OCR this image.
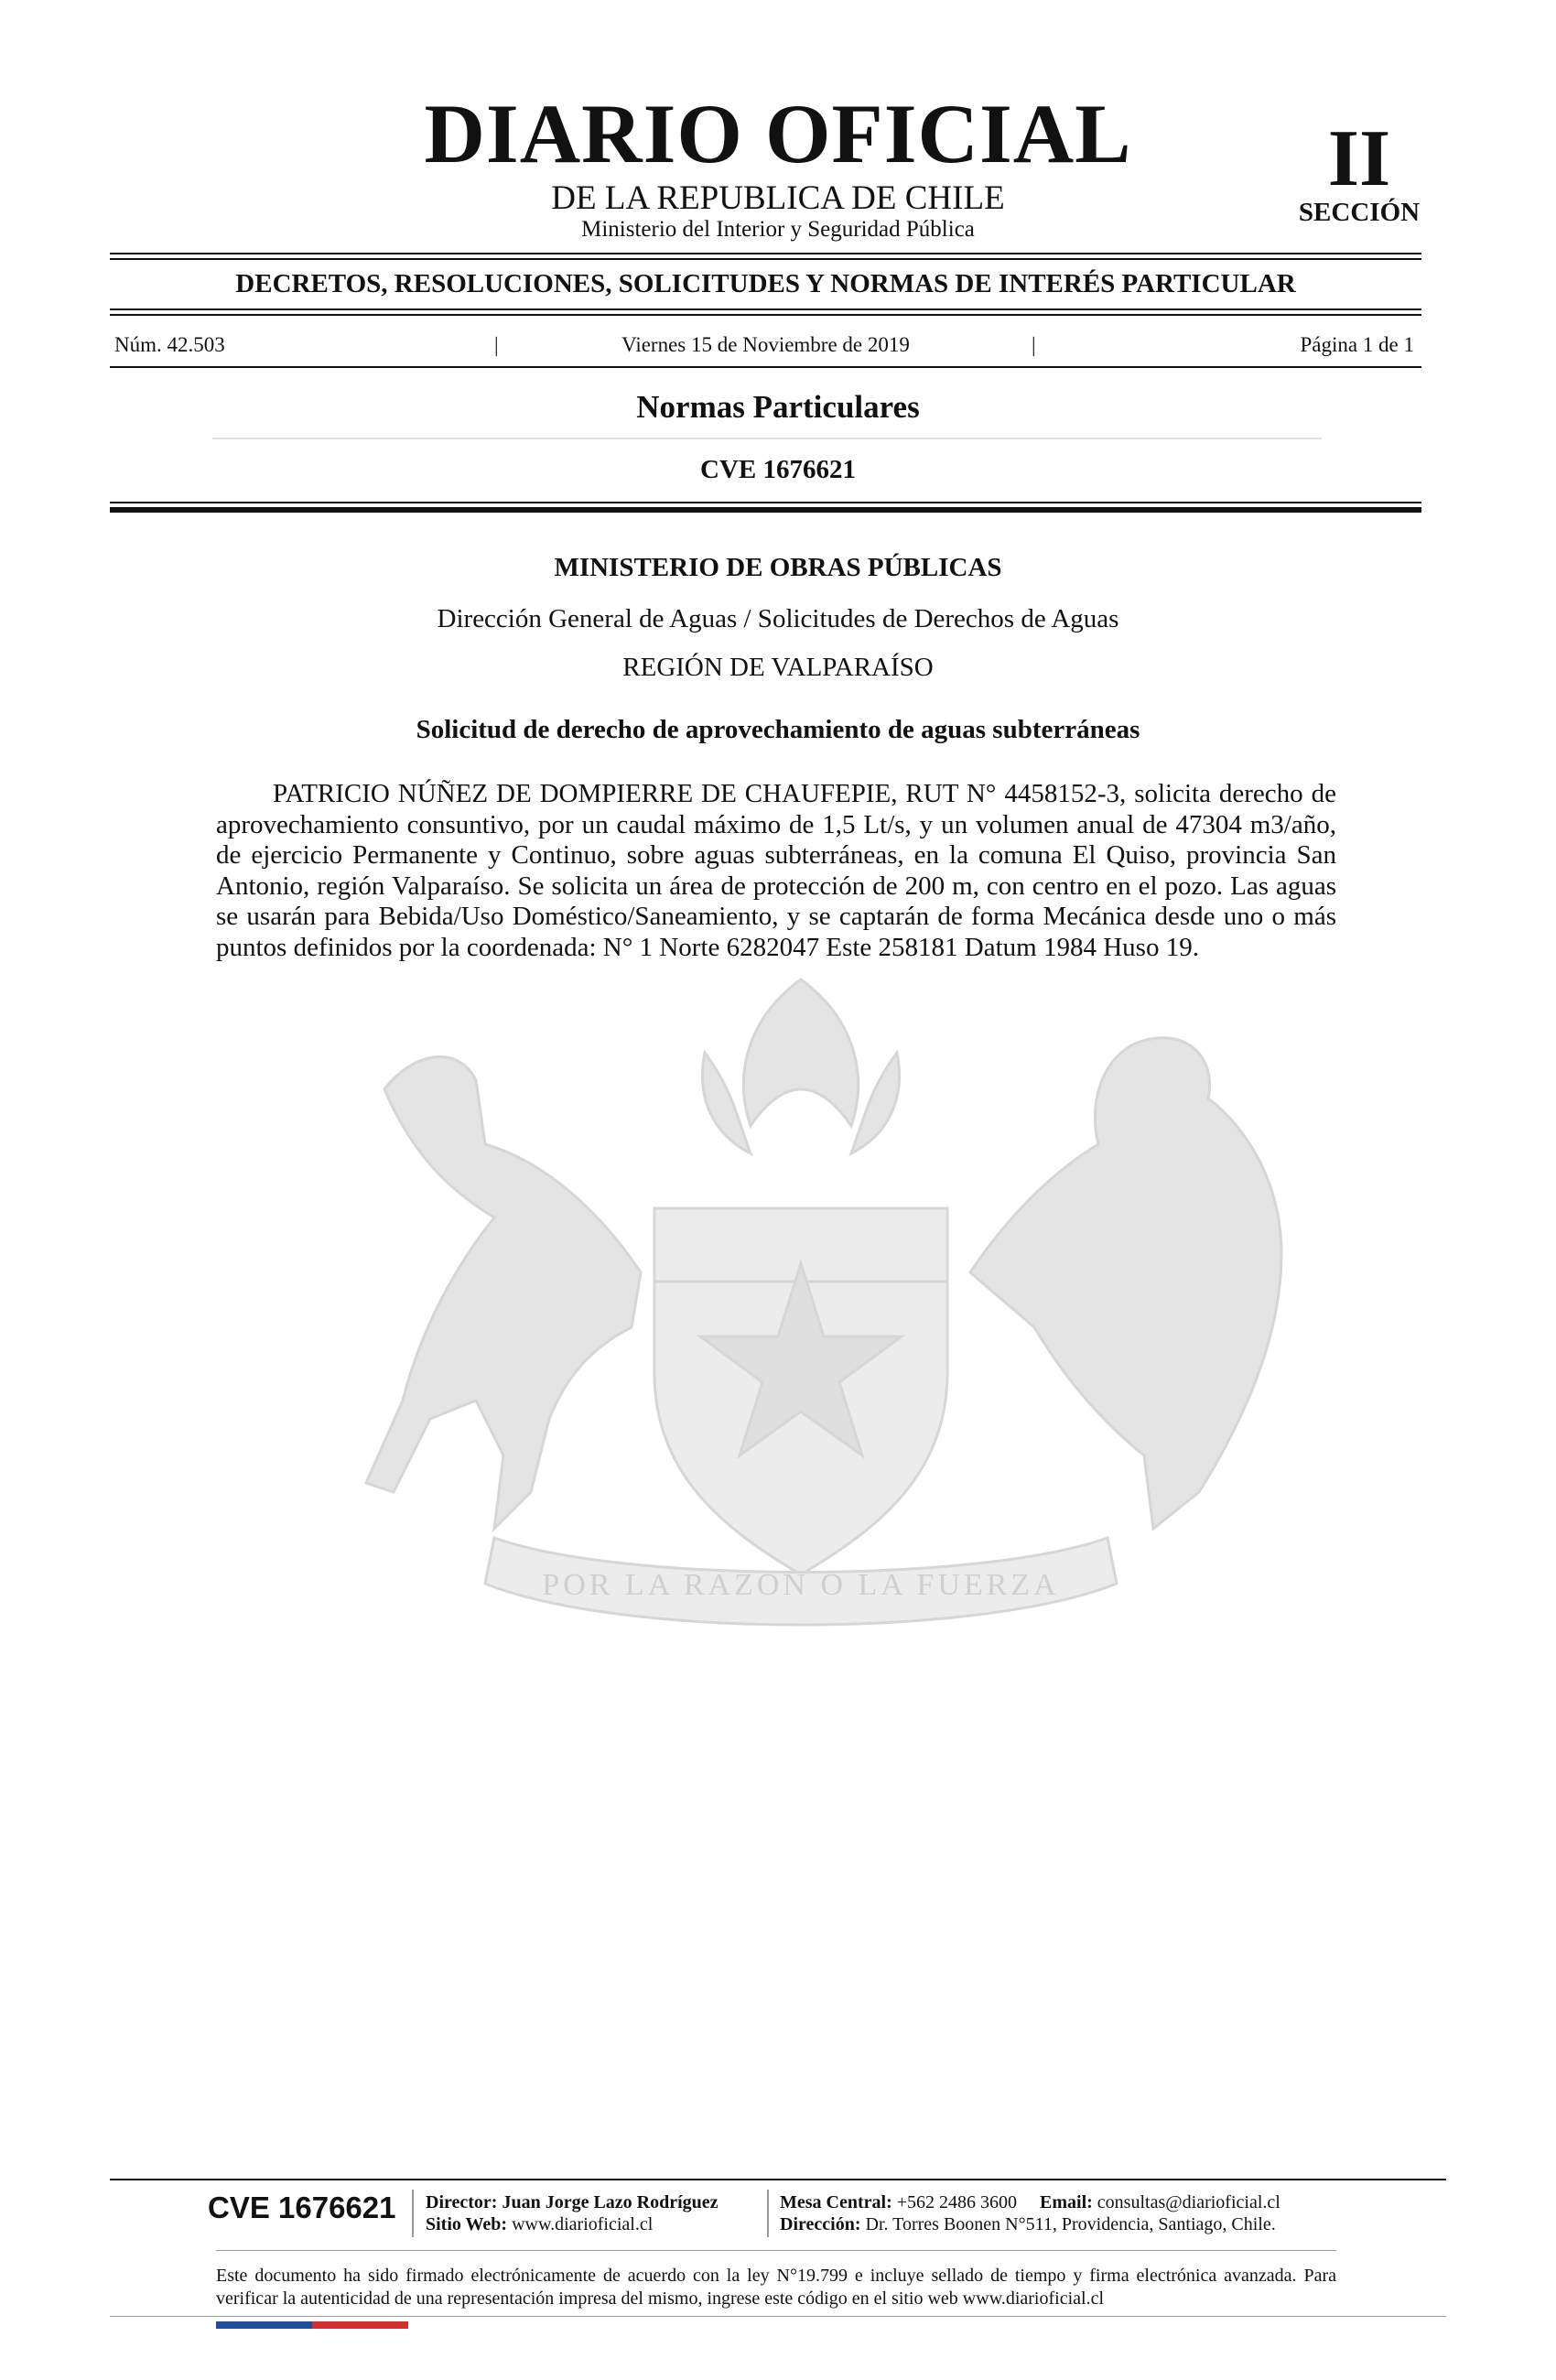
DIARIO OFICIAL
DE LA REPUBLICA DE CHILE
Ministerio del Interior y Seguridad Pública
II
SECCIÓN
DECRETOS, RESOLUCIONES, SOLICITUDES Y NORMAS DE INTERÉS PARTICULAR
Núm. 42.503	|	Viernes 15 de Noviembre de 2019	|	Página 1 de 1
Normas Particulares
CVE 1676621
POR LA RAZON O LA FUERZA
MINISTERIO DE OBRAS PÚBLICAS
Dirección General de Aguas / Solicitudes de Derechos de Aguas
REGIÓN DE VALPARAÍSO
Solicitud de derecho de aprovechamiento de aguas subterráneas
PATRICIO NÚÑEZ DE DOMPIERRE DE CHAUFEPIE, RUT N° 4458152-3, solicita derecho de aprovechamiento consuntivo, por un caudal máximo de 1,5 Lt/s, y un volumen anual de 47304 m3/año, de ejercicio Permanente y Continuo, sobre aguas subterráneas, en la comuna El Quiso, provincia San Antonio, región Valparaíso. Se solicita un área de protección de 200 m, con centro en el pozo. Las aguas se usarán para Bebida/Uso Doméstico/Saneamiento, y se captarán de forma Mecánica desde uno o más puntos definidos por la coordenada: N° 1 Norte 6282047 Este 258181 Datum 1984 Huso 19.
CVE 1676621 Director: Juan Jorge Lazo Rodríguez
Sitio Web: www.diarioficial.cl
Mesa Central: +562 2486 3600 Email: consultas@diarioficial.cl
Dirección: Dr. Torres Boonen N°511, Providencia, Santiago, Chile.
Este documento ha sido firmado electrónicamente de acuerdo con la ley N°19.799 e incluye sellado de tiempo y firma electrónica avanzada. Para verificar la autenticidad de una representación impresa del mismo, ingrese este código en el sitio web www.diarioficial.cl
